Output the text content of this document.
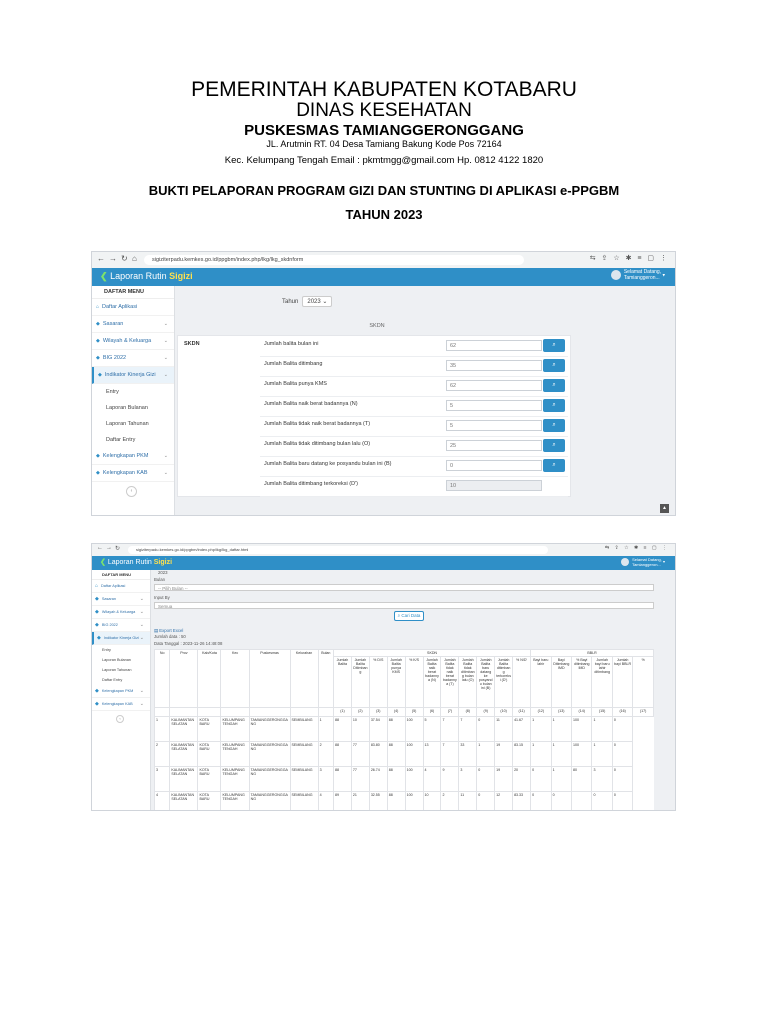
PEMERINTAH KABUPATEN KOTABARU
DINAS KESEHATAN
PUSKESMAS TAMIANGGERONGGANG
JL. Arutmin RT. 04 Desa Tamiang Bakung Kode Pos 72164
Kec. Kelumpang Tengah Email : pkmtmgg@gmail.com Hp. 0812 4122 1820
BUKTI PELAPORAN PROGRAM GIZI DAN STUNTING DI APLIKASI e-PPGBM
TAHUN 2023
← → ↻ ⌂	sigiziterpadu.kemkes.go.id/ppgbm/index.php/lkg/lkg_skdnform	⇆ ⇪ ☆ ✱ ≡ ▢ ⋮
❮ Laporan Rutin Sigizi	Selamat Datang,
Tamianggeron... ▾
DAFTAR MENU
⌂ Daftar Aplikasi
◆ Sasaran	⌄
◆ Wilayah & Keluarga	⌄
◆ BIG 2022	⌄
◆ Indikator Kinerja Gizi ⌄
Entry
Laporan Bulanan
Laporan Tahunan
Daftar Entry
◆ Kelengkapan PKM	⌄
◆ Kelengkapan KAB	⌄
‹
Tahun 2023 ⌄
SKDN
SKDN	Jumlah balita bulan ini	62	⌕
Jumlah Balita ditimbang	35	⌕
Jumlah Balita punya KMS	62	⌕
Jumlah Balita naik berat badannya (N)	5	⌕
Jumlah Balita tidak naik berat badannya (T)	5	⌕
Jumlah Balita tidak ditimbang bulan lalu (O)	25	⌕
Jumlah Balita baru datang ke posyandu bulan ini (B)	0	⌕
Jumlah Balita ditimbang terkoreksi (D')	10
▲
← → ↻	sigiziterpadu.kemkes.go.id/ppgbm/index.php/lkg/lkg_daftar.html	⇆ ⇪ ☆ ✱ ≡ ▢ ⋮
❮ Laporan Rutin Sigizi	Selamat Datang,
Tamianggeron... ▾
DAFTAR MENU
⌂ Daftar Aplikasi
◆ Sasaran	⌄
◆ Wilayah & Keluarga ⌄
◆ BIG 2022	⌄
◆ Indikator Kinerja Gizi ⌄
Entry
Laporan Bulanan
Laporan Tahunan
Daftar Entry
◆ Kelengkapan PKM ⌄
◆ Kelengkapan KAB ⌄
‹
2023
Bulan
-- Pilih Bulan --
Input By
Semua
⌕ Cari Data
▤ Export Excel
Jumlah data : 50
Data Tanggal : 2023-11-26 14:48:08
No	Prov	Kab/Kota	Kec	Puskesmas	Kelurahan	Bulan	SKDN											BBLR					
							Jumlah Balita	Jumlah Balita Ditimbang	% D/S	Jumlah Balita punya KMS	% K/S	Jumlah Balita naik berat badannya (N)	Jumlah Balita tidak naik berat badannya (T)	Jumlah Balita tidak ditimbang bulan lalu (O)	Jumlah Balita baru datang ke posyandu bulan ini (B)	Jumlah Balita ditimbang terkoreksi (D')	% N/D'	Bayi baru lahir	Bayi Ditimbang IMD	% Bayi ditimbang IMD	Jumlah bayi baru lahir ditimbang	Jumlah bayi BBLR	%
							(1)	(2)	(3)	(4)	(5)	(6)	(7)	(8)	(9)	(10)	(11)	(12)	(13)	(14)	(15)	(16)	(17)
1	KALIMANTAN SELATAN	KOTA BARU	KELUMPANG TENGAH	TAMIANGGERONGGANG	SEMBILANG	1	88	10	37.54	88	100	5	7	7	0	11	41.67	1	1	100	1	0	
2	KALIMANTAN SELATAN	KOTA BARU	KELUMPANG TENGAH	TAMIANGGERONGGANG	SEMBILANG	2	88	77	83.80	88	100	13	7	33	1	19	83.15	1	1	100	1	0	
3	KALIMANTAN SELATAN	KOTA BARU	KELUMPANG TENGAH	TAMIANGGERONGGANG	SEMBILANG	3	88	77	26.74	88	100	4	9	3	0	19	20	0	1	80	3	0	
4	KALIMANTAN SELATAN	KOTA BARU	KELUMPANG TENGAH	TAMIANGGERONGGANG	SEMBILANG	4	89	21	32.55	88	100	10	2	11	0	12	83.33	0	0		0	0	
